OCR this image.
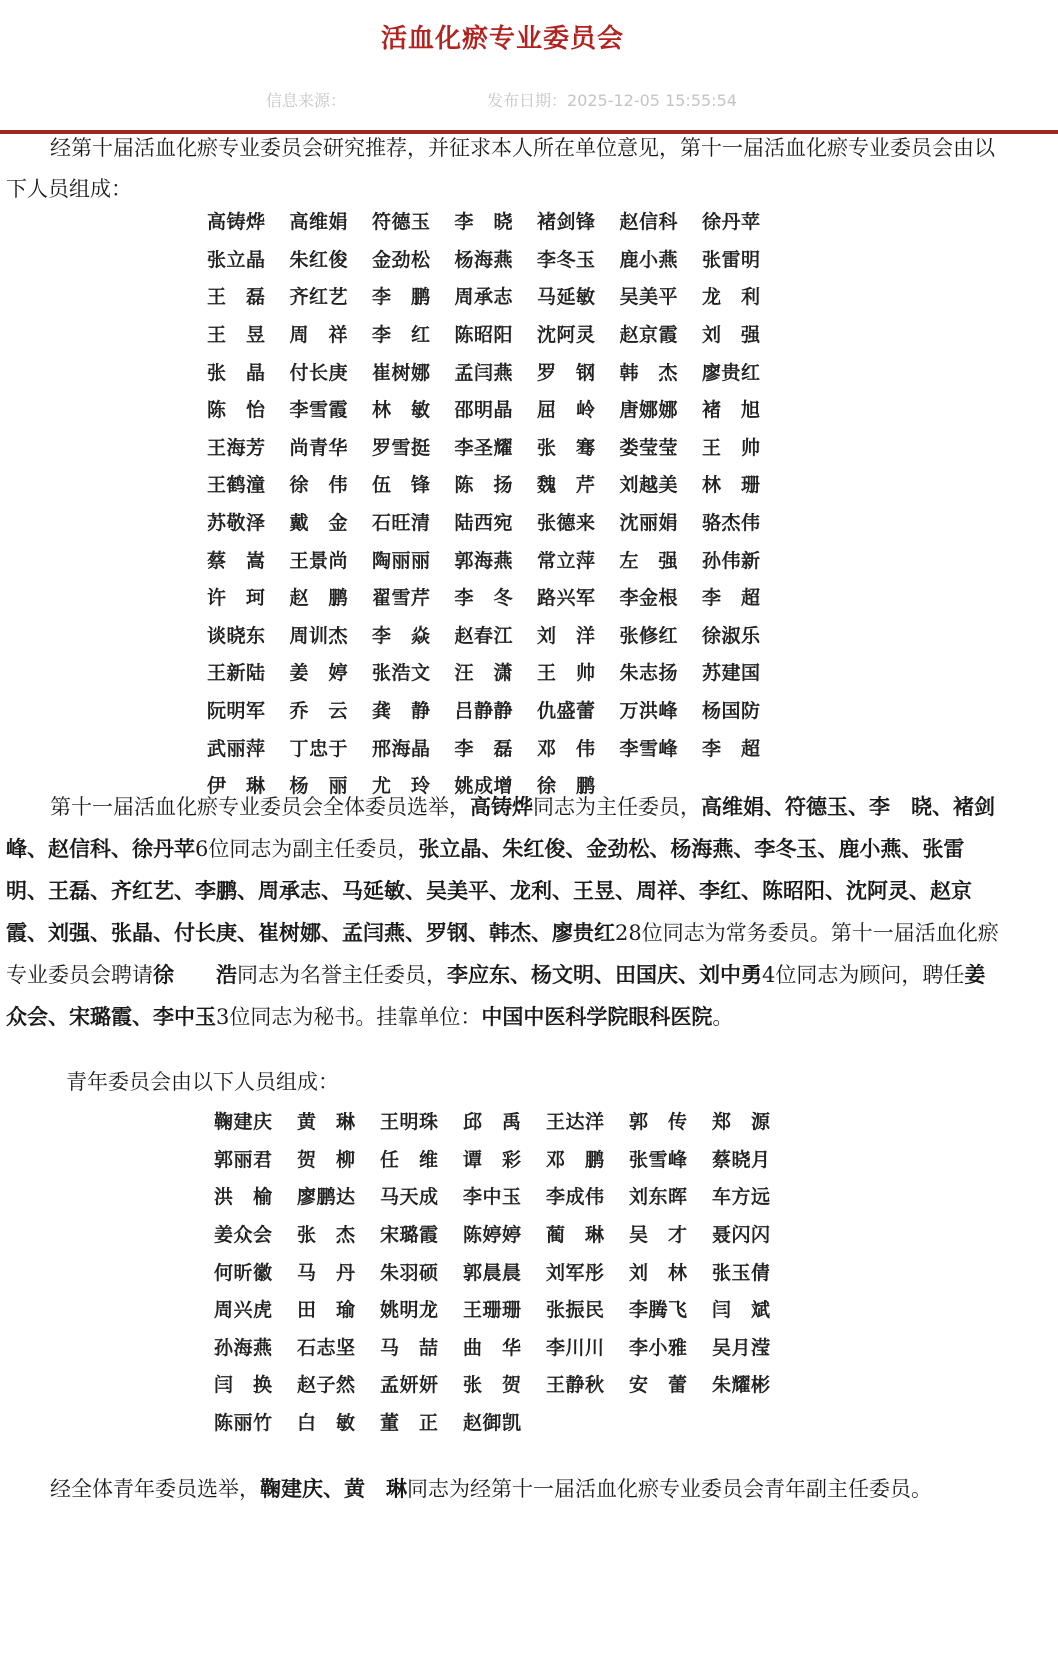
活血化瘀专业委员会
信息来源：	发布日期：2025-12-05 15:55:54

经第十届活血化瘀专业委员会研究推荐，并征求本人所在单位意见，第十一届活血化瘀专业委员会由以下人员组成：

高铸烨 高维娟 符德玉 李　晓 褚剑锋 赵信科 徐丹苹
张立晶 朱红俊 金劲松 杨海燕 李冬玉 鹿小燕 张雷明
王　磊 齐红艺 李　鹏 周承志 马延敏 吴美平 龙　利
王　昱 周　祥 李　红 陈昭阳 沈阿灵 赵京霞 刘　强
张　晶 付长庚 崔树娜 孟闫燕 罗　钢 韩　杰 廖贵红
陈　怡 李雪霞 林　敏 邵明晶 屈　岭 唐娜娜 褚　旭
王海芳 尚青华 罗雪挺 李圣耀 张　骞 娄莹莹 王　帅
王鹤潼 徐　伟 伍　锋 陈　扬 魏　芹 刘越美 林　珊
苏敬泽 戴　金 石旺清 陆西宛 张德来 沈丽娟 骆杰伟
蔡　嵩 王景尚 陶丽丽 郭海燕 常立萍 左　强 孙伟新
许　珂 赵　鹏 翟雪芹 李　冬 路兴军 李金根 李　超
谈晓东 周训杰 李　焱 赵春江 刘　洋 张修红 徐淑乐
王新陆 姜　婷 张浩文 汪　潇 王　帅 朱志扬 苏建国
阮明军 乔　云 龚　静 吕静静 仇盛蕾 万洪峰 杨国防
武丽萍 丁忠于 邢海晶 李　磊 邓　伟 李雪峰 李　超
伊　琳 杨　丽 尤　玲 姚成增 徐　鹏

第十一届活血化瘀专业委员会全体委员选举，高铸烨同志为主任委员，高维娟、符德玉、李　晓、褚剑峰、赵信科、徐丹苹6位同志为副主任委员，张立晶、朱红俊、金劲松、杨海燕、李冬玉、鹿小燕、张雷明、王磊、齐红艺、李鹏、周承志、马延敏、吴美平、龙利、王昱、周祥、李红、陈昭阳、沈阿灵、赵京霞、刘强、张晶、付长庚、崔树娜、孟闫燕、罗钢、韩杰、廖贵红28位同志为常务委员。第十一届活血化瘀专业委员会聘请徐　　浩同志为名誉主任委员，李应东、杨文明、田国庆、刘中勇4位同志为顾问，聘任姜众会、宋璐霞、李中玉3位同志为秘书。挂靠单位：中国中医科学院眼科医院。

青年委员会由以下人员组成：
鞠建庆 黄　琳 王明珠 邱　禹 王达洋 郭　传 郑　源
郭丽君 贺　柳 任　维 谭　彩 邓　鹏 张雪峰 蔡晓月
洪　榆 廖鹏达 马天成 李中玉 李成伟 刘东晖 车方远
姜众会 张　杰 宋璐霞 陈婷婷 蔺　琳 吴　才 聂闪闪
何昕徽 马　丹 朱羽硕 郭晨晨 刘军彤 刘　林 张玉倩
周兴虎 田　瑜 姚明龙 王珊珊 张振民 李腾飞 闫　斌
孙海燕 石志坚 马　喆 曲　华 李川川 李小雅 吴月滢
闫　换 赵子然 孟妍妍 张　贺 王静秋 安　蕾 朱耀彬
陈丽竹 白　敏 董　正 赵御凯

经全体青年委员选举，鞠建庆、黄　琳同志为经第十一届活血化瘀专业委员会青年副主任委员。
